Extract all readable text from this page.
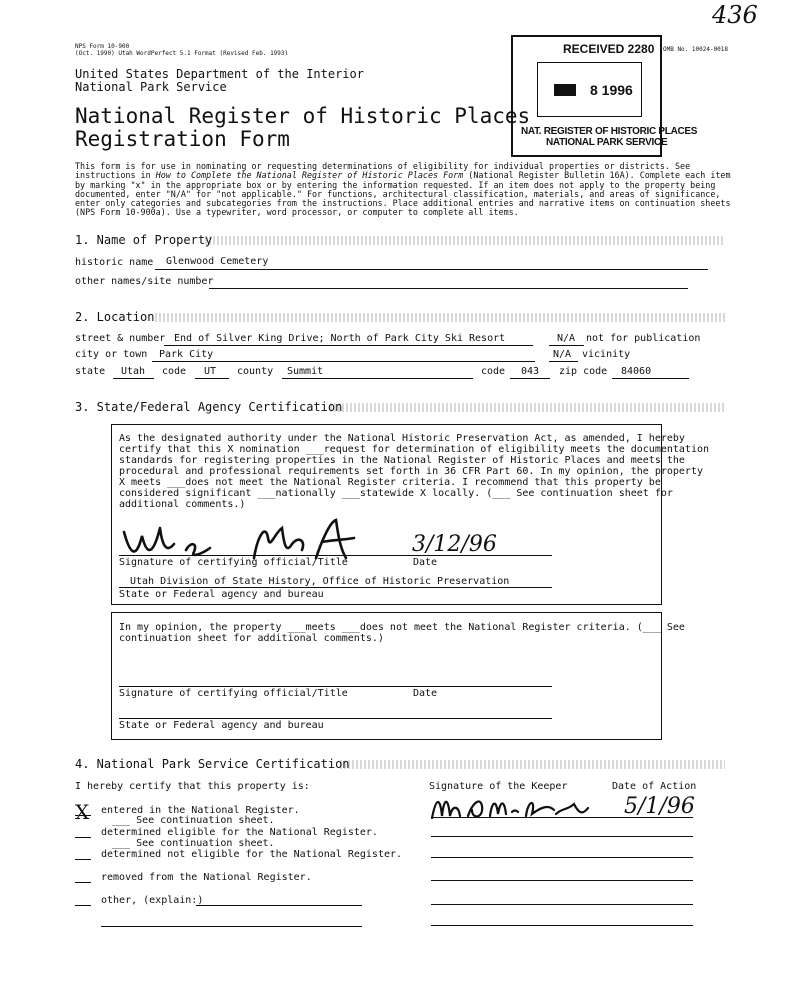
436
NPS Form 10-900
(Oct. 1990) Utah WordPerfect 5.1 Format (Revised Feb. 1993)	RECEIVED 2280
8 1996
NAT. REGISTER OF HISTORIC PLACES
NATIONAL PARK SERVICE
OMB No. 10024-0018
United States Department of the Interior
National Park Service
National Register of Historic Places
Registration Form
This form is for use in nominating or requesting determinations of eligibility for individual properties or districts. See instructions in How to Complete the National Register of Historic Places Form (National Register Bulletin 16A). Complete each item by marking "x" in the appropriate box or by entering the information requested. If an item does not apply to the property being documented, enter "N/A" for "not applicable." For functions, architectural classification, materials, and areas of significance, enter only categories and subcategories from the instructions. Place additional entries and narrative items on continuation sheets (NPS Form 10-900a). Use a typewriter, word processor, or computer to complete all items.
1. Name of Property
historic name Glenwood Cemetery
other names/site number
2. Location
street & number End of Silver King Drive; North of Park City Ski Resort	N/A not for publication
city or town Park City	N/A vicinity
state Utah code UT county Summit	code 043 zip code 84060
3. State/Federal Agency Certification
As the designated authority under the National Historic Preservation Act, as amended, I hereby
certify that this X nomination ___request for determination of eligibility meets the documentation
standards for registering properties in the National Register of Historic Places and meets the
procedural and professional requirements set forth in 36 CFR Part 60. In my opinion, the property
X meets ___does not meet the National Register criteria. I recommend that this property be
considered significant ___nationally ___statewide X locally. (___ See continuation sheet for
additional comments.)
Signature of certifying official/Title	Date
3/12/96
Utah Division of State History, Office of Historic Preservation
State or Federal agency and bureau
In my opinion, the property ___meets ___does not meet the National Register criteria. (___ See
continuation sheet for additional comments.)
Signature of certifying official/Title	Date
State or Federal agency and bureau
4. National Park Service Certification
I hereby certify that this property is:	Signature of the Keeper	Date of Action
5/1/96
X entered in the National Register.
___ See continuation sheet.
determined eligible for the National Register.
___ See continuation sheet.
determined not eligible for the National Register.
removed from the National Register.
other, (explain:)
